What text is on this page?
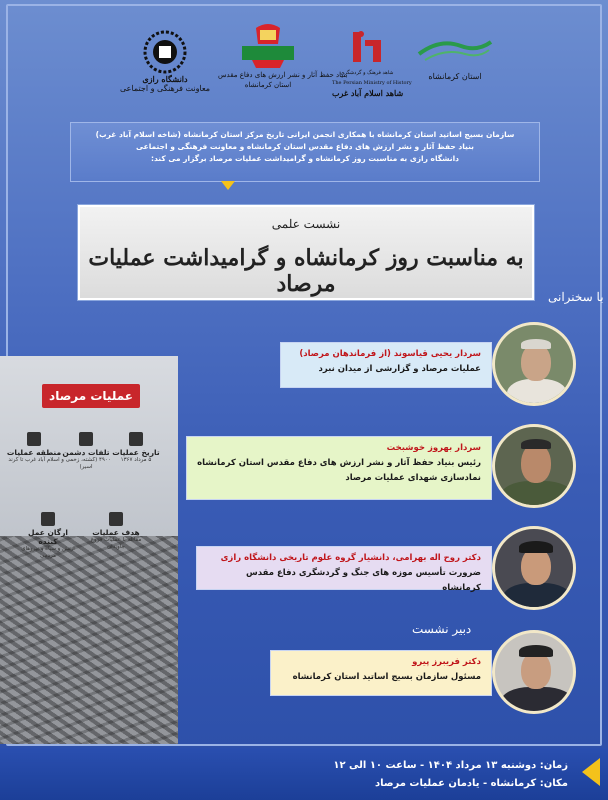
استان کرمانشاه
شاهد فرهنگ و گردشگری
The Persian Ministry of History
شاهد اسلام آباد غرب
بنیاد حفظ آثار و نشر ارزش های دفاع مقدس
استان کرمانشاه
دانشگاه رازی
معاونت فرهنگی و اجتماعی
سازمان بسیج اساتید استان کرمانشاه با همکاری انجمن ایرانی تاریخ مرکز استان کرمانشاه (شاخه اسلام آباد غرب)
بنیاد حفظ آثار و نشر ارزش های دفاع مقدس استان کرمانشاه و معاونت فرهنگی و اجتماعی
دانشگاه رازی به مناسبت روز کرمانشاه و گرامیداشت عملیات مرصاد برگزار می کند:
نشست علمی
به مناسبت روز کرمانشاه و گرامیداشت عملیات مرصاد	با سخنرانی
عملیات مرصاد
تاریخ عملیات
۵ مرداد ۱۳۶۷
تلفات دشمن
۴۹۰۰ (کشته، زخمی و اسیر)
منطقه عملیات
اسلام آباد غرب تا کرند
هدف عملیات
مقابله با عملیات فروغ جاویدان
ارگان عمل کننده
ارتش و سپاه و نیروهای مردمی
سردار یحیی قیاسوند (از فرماندهان مرصاد)
عملیات مرصاد و گزارشی از میدان نبرد
سردار بهروز خوشبخت
رئیس بنیاد حفظ آثار و نشر ارزش های دفاع مقدس استان کرمانشاه
نمادسازی شهدای عملیات مرصاد
دکتر روح اله بهرامی، دانشیار گروه علوم تاریخی دانشگاه رازی
ضرورت تأسیس موزه های جنگ و گردشگری دفاع مقدس کرمانشاه
دبیر نشست
دکتر فریبرز پیرو
مسئول سازمان بسیج اساتید استان کرمانشاه
زمان: دوشنبه ۱۳ مرداد ۱۴۰۴ - ساعت ۱۰ الی ۱۲
مکان: کرمانشاه - یادمان عملیات مرصاد
